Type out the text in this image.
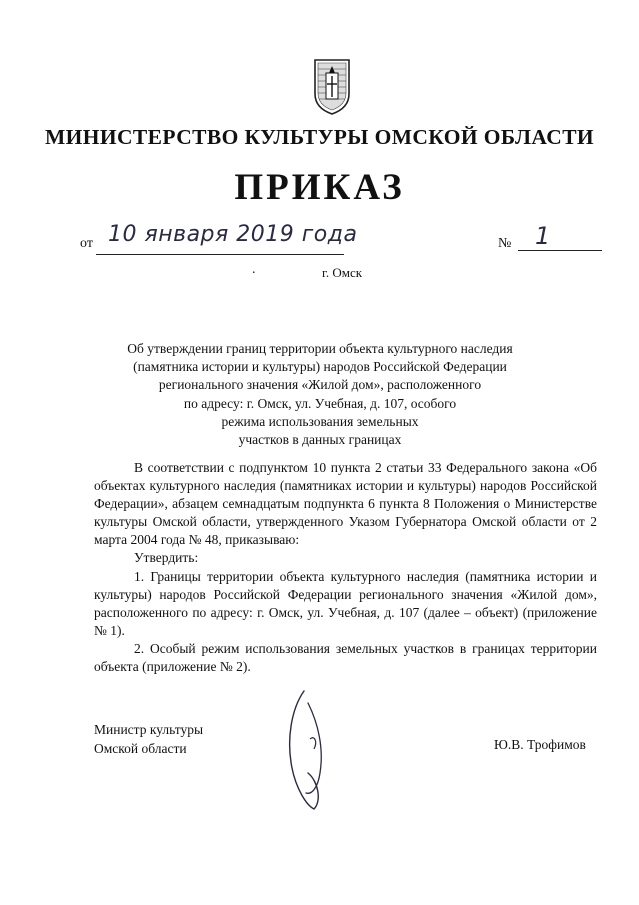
МИНИСТЕРСТВО КУЛЬТУРЫ ОМСКОЙ ОБЛАСТИ
ПРИКАЗ
от 10 января 2019 года	№ 1
.	г. Омск
Об утверждении границ территории объекта культурного наследия
(памятника истории и культуры) народов Российской Федерации
регионального значения «Жилой дом», расположенного
по адресу: г. Омск, ул. Учебная, д. 107, особого
режима использования земельных
участков в данных границах

В соответствии с подпунктом 10 пункта 2 статьи 33 Федерального закона «Об объектах культурного наследия (памятниках истории и культуры) народов Российской Федерации», абзацем семнадцатым подпункта 6 пункта 8 Положения о Министерстве культуры Омской области, утвержденного Указом Губернатора Омской области от 2 марта 2004 года № 48, приказываю:

Утвердить:

1. Границы территории объекта культурного наследия (памятника истории и культуры) народов Российской Федерации регионального значения «Жилой дом», расположенного по адресу: г. Омск, ул. Учебная, д. 107 (далее – объект) (приложение № 1).

2. Особый режим использования земельных участков в границах территории объекта (приложение № 2).

Министр культуры
Омской области	Ю.В. Трофимов
